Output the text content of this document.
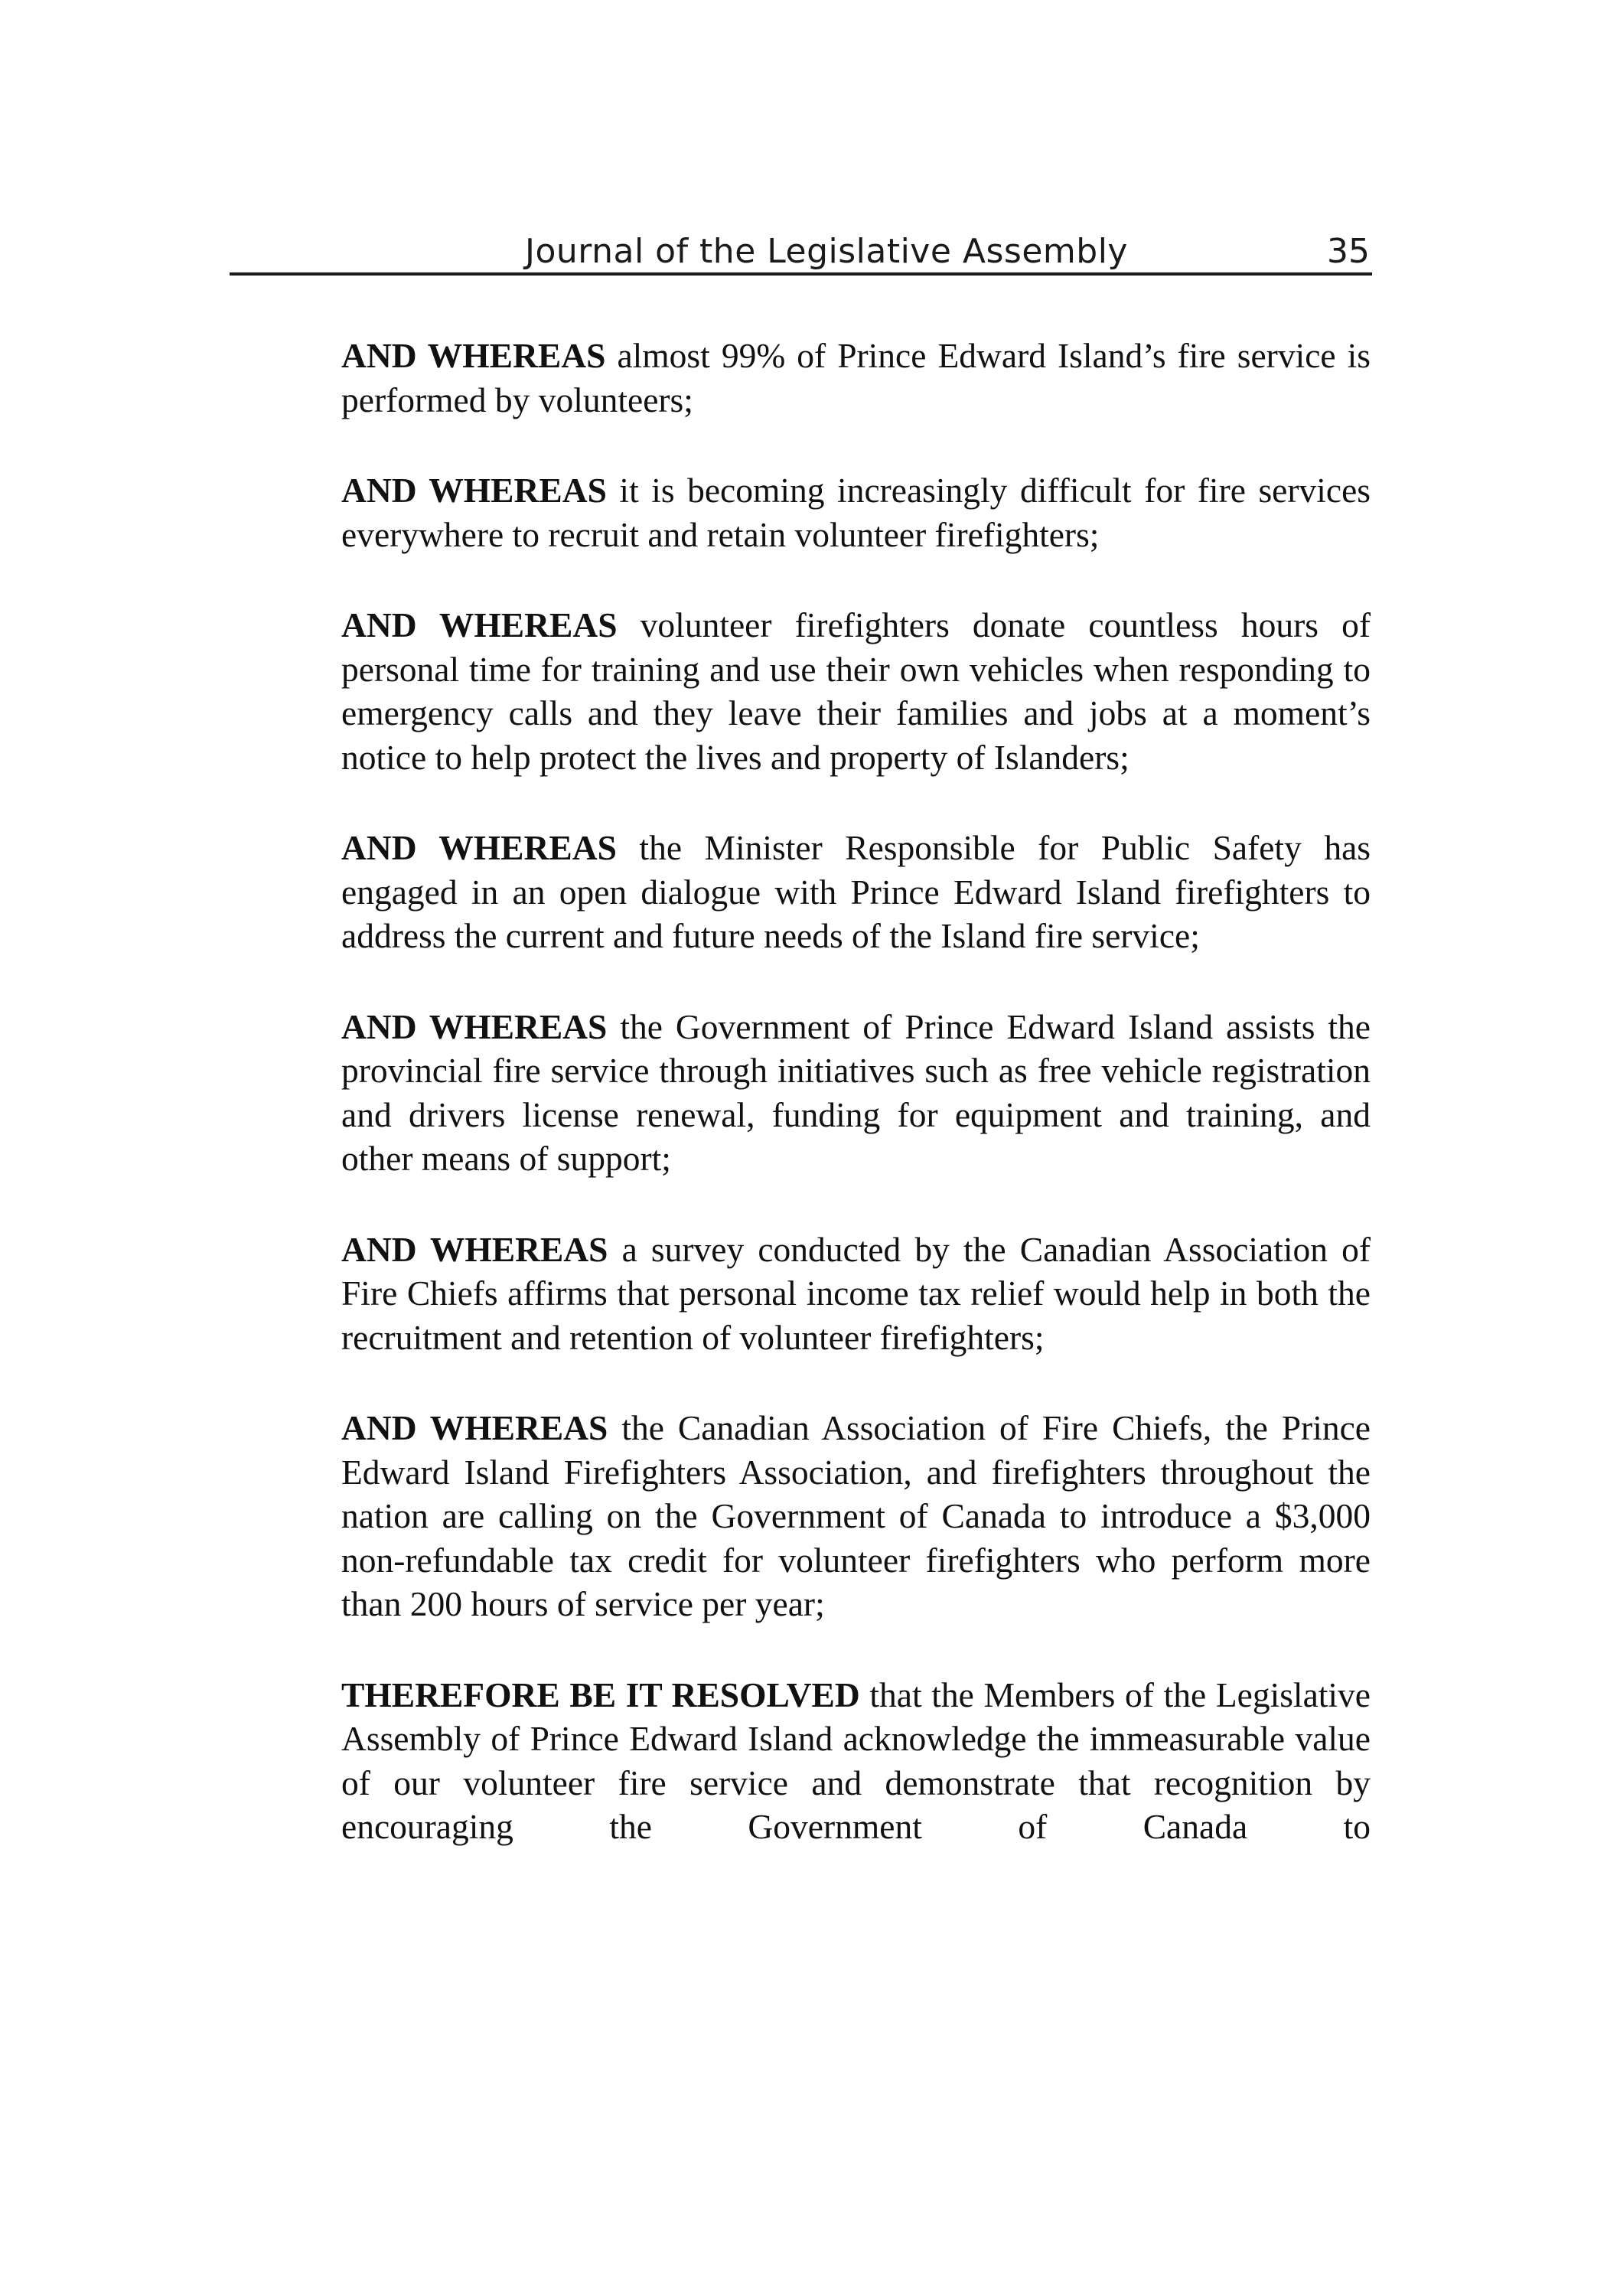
Journal of the Legislative Assembly	35

AND WHEREAS almost 99% of Prince Edward Island’s fire service is performed by volunteers;

AND WHEREAS it is becoming increasingly difficult for fire services everywhere to recruit and retain volunteer firefighters;

AND WHEREAS volunteer firefighters donate countless hours of personal time for training and use their own vehicles when responding to emergency calls and they leave their families and jobs at a moment’s notice to help protect the lives and property of Islanders;

AND WHEREAS the Minister Responsible for Public Safety has engaged in an open dialogue with Prince Edward Island firefighters to address the current and future needs of the Island fire service;

AND WHEREAS the Government of Prince Edward Island assists the provincial fire service through initiatives such as free vehicle registration and drivers license renewal, funding for equipment and training, and other means of support;

AND WHEREAS a survey conducted by the Canadian Association of Fire Chiefs affirms that personal income tax relief would help in both the recruitment and retention of volunteer firefighters;

AND WHEREAS the Canadian Association of Fire Chiefs, the Prince Edward Island Firefighters Association, and firefighters throughout the nation are calling on the Government of Canada to introduce a $3,000 non-refundable tax credit for volunteer firefighters who perform more than 200 hours of service per year;

THEREFORE BE IT RESOLVED that the Members of the Legislative Assembly of Prince Edward Island acknowledge the immeasurable value of our volunteer fire service and demonstrate that recognition by encouraging the Government of Canada to
